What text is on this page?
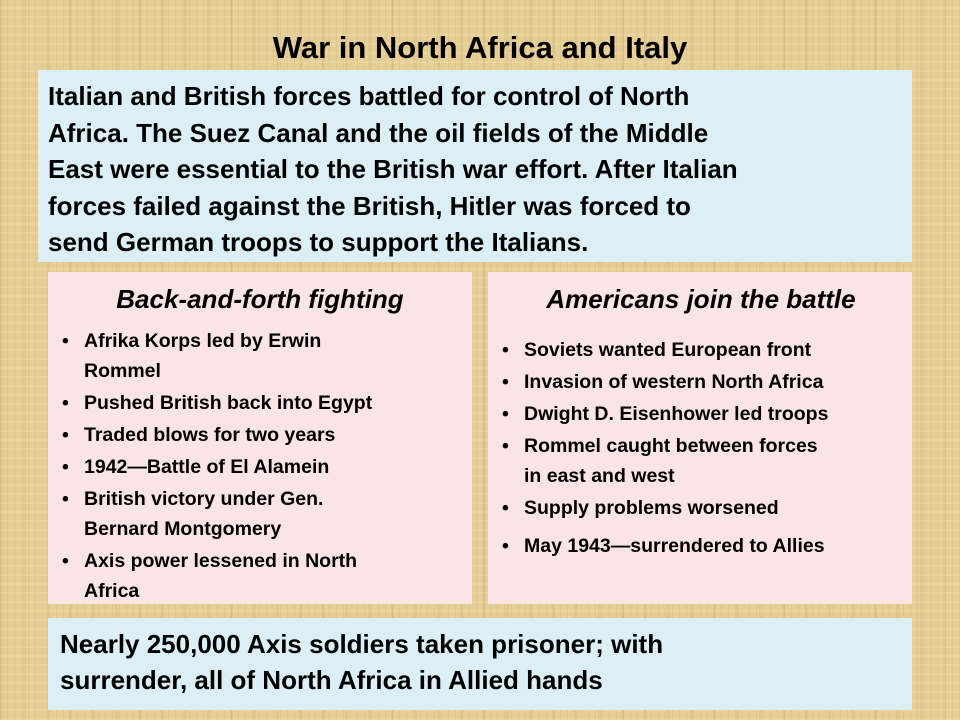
War in North Africa and Italy

Italian and British forces battled for control of North
Africa. The Suez Canal and the oil fields of the Middle
East were essential to the British war effort. After Italian
forces failed against the British, Hitler was forced to
send German troops to support the Italians.

Back-and-forth fighting
• Afrika Korps led by Erwin
Rommel
• Pushed British back into Egypt
• Traded blows for two years
• 1942—Battle of El Alamein
• British victory under Gen.
Bernard Montgomery
• Axis power lessened in North
Africa
Americans join the battle
• Soviets wanted European front
• Invasion of western North Africa
• Dwight D. Eisenhower led troops
• Rommel caught between forces
in east and west
• Supply problems worsened
• May 1943—surrendered to Allies

Nearly 250,000 Axis soldiers taken prisoner; with
surrender, all of North Africa in Allied hands
